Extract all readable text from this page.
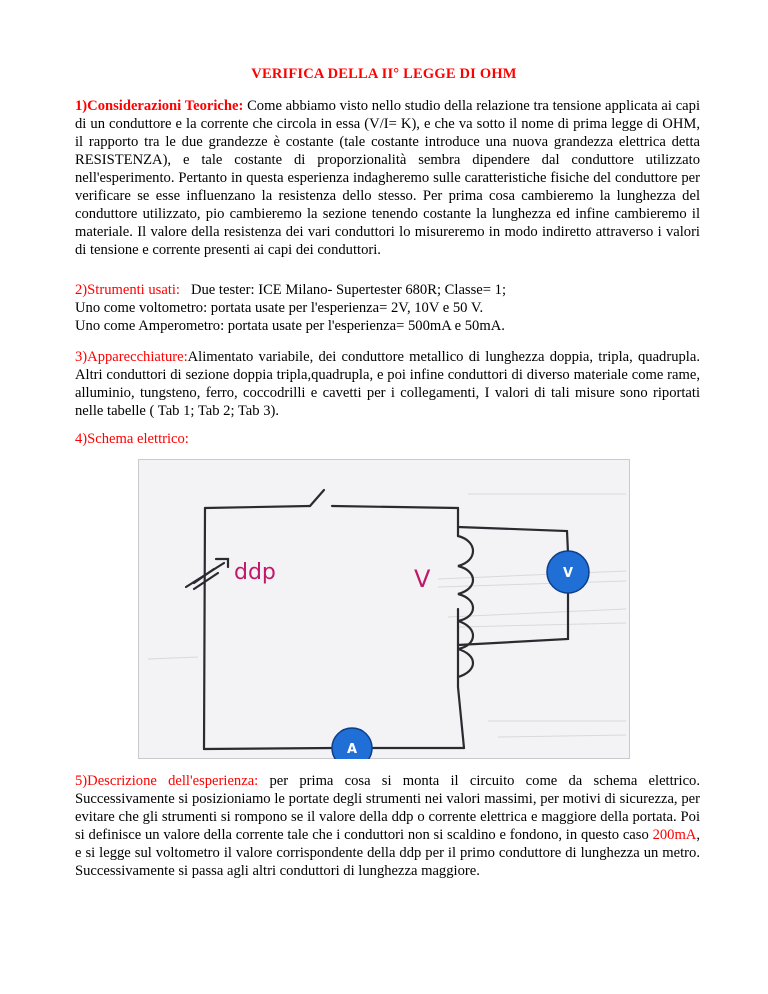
VERIFICA DELLA II° LEGGE DI OHM
1)Considerazioni Teoriche: Come abbiamo visto nello studio della relazione tra tensione applicata ai capi di un conduttore e la corrente che circola in essa (V/I= K), e che va sotto il nome di prima legge di OHM, il rapporto tra le due grandezze è costante (tale costante introduce una nuova grandezza elettrica detta RESISTENZA), e tale costante di proporzionalità sembra dipendere dal conduttore utilizzato nell'esperimento. Pertanto in questa esperienza indagheremo sulle caratteristiche fisiche del conduttore per verificare se esse influenzano la resistenza dello stesso. Per prima cosa cambieremo la lunghezza del conduttore utilizzato, pio cambieremo la sezione tenendo costante la lunghezza ed infine cambieremo il materiale. Il valore della resistenza dei vari conduttori lo misureremo in modo indiretto attraverso i valori di tensione e corrente presenti ai capi dei conduttori.
2)Strumenti usati:   Due tester: ICE Milano- Supertester 680R; Classe= 1;
Uno come voltometro: portata usate per l'esperienza= 2V, 10V e 50 V.
Uno come Amperometro: portata usate per l'esperienza= 500mA e 50mA.
3)Apparecchiature:Alimentato variabile, dei conduttore metallico di lunghezza doppia, tripla, quadrupla. Altri conduttori di sezione doppia tripla,quadrupla, e poi infine conduttori di diverso materiale come rame, alluminio, tungsteno, ferro, coccodrilli e cavetti per i collegamenti, I valori di tali misure sono riportati nelle tabelle ( Tab 1; Tab 2; Tab 3).
4)Schema elettrico:
ddp	V	V
A
5)Descrizione dell'esperienza: per prima cosa si monta il circuito come da schema elettrico. Successivamente si posizioniamo le portate degli strumenti nei valori massimi, per motivi di sicurezza, per evitare che gli strumenti si rompono se il valore della ddp o corrente elettrica e maggiore della portata. Poi si definisce un valore della corrente tale che i conduttori non si scaldino e fondono, in questo caso 200mA, e si legge sul voltometro il valore corrispondente della ddp per il primo conduttore di lunghezza un metro. Successivamente si passa agli altri conduttori di lunghezza maggiore.
